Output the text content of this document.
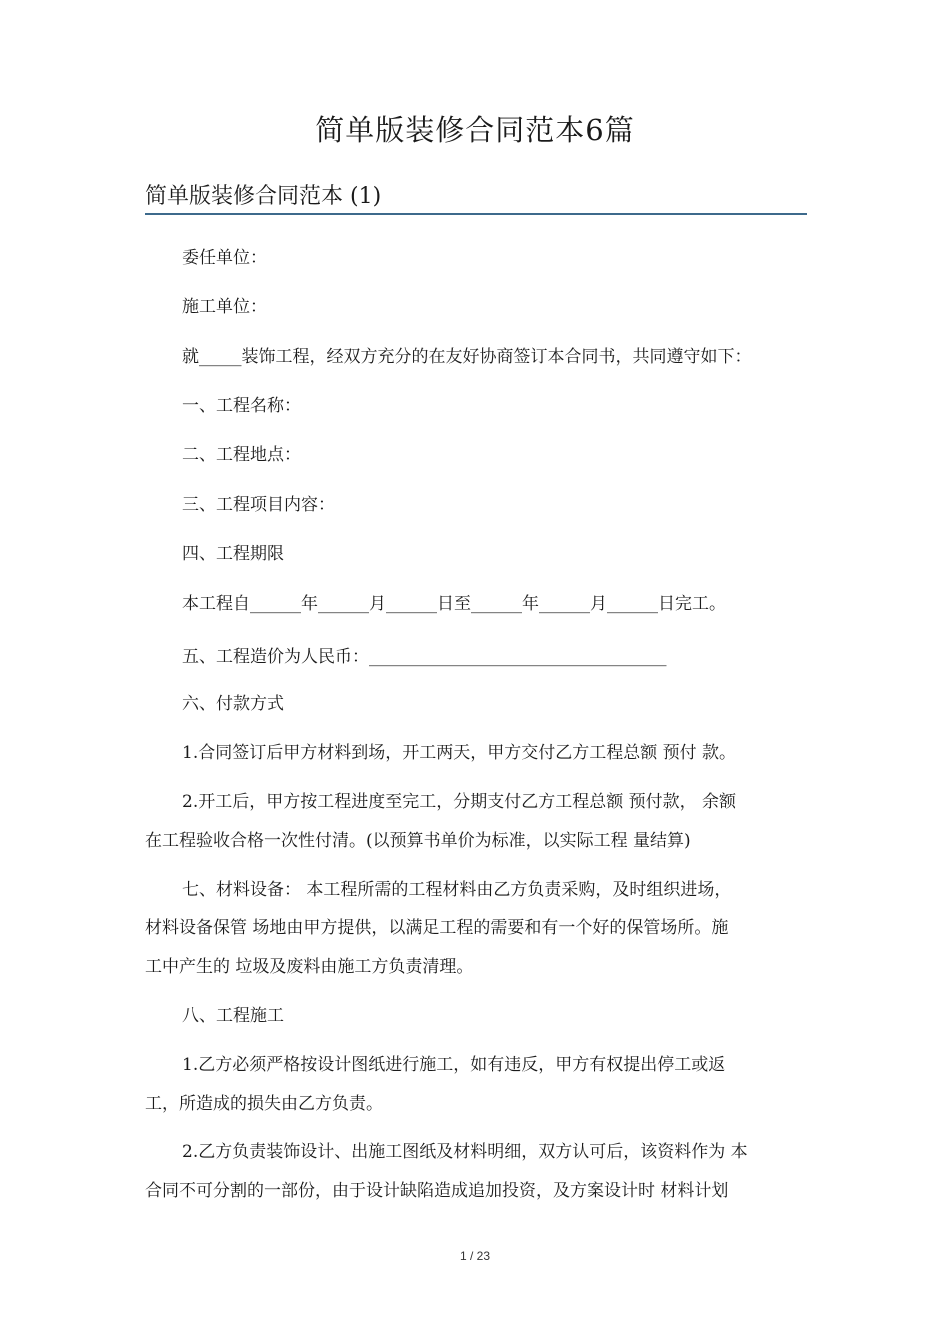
简单版装修合同范本6篇
简单版装修合同范本 (1)
委任单位：
施工单位：
就_____装饰工程，经双方充分的在友好协商签订本合同书，共同遵守如下：
一、工程名称：
二、工程地点：
三、工程项目内容：
四、工程期限
本工程自______年______月______日至______年______月______日完工。
五、工程造价为人民币：___________________________________
六、付款方式
1.合同签订后甲方材料到场，开工两天，甲方交付乙方工程总额 预付 款。
2.开工后，甲方按工程进度至完工，分期支付乙方工程总额 预付款， 余额
在工程验收合格一次性付清。(以预算书单价为标准，以实际工程 量结算)
七、材料设备： 本工程所需的工程材料由乙方负责采购，及时组织进场，
材料设备保管 场地由甲方提供，以满足工程的需要和有一个好的保管场所。施
工中产生的 垃圾及废料由施工方负责清理。
八、工程施工
1.乙方必须严格按设计图纸进行施工，如有违反，甲方有权提出停工或返
工，所造成的损失由乙方负责。
2.乙方负责装饰设计、出施工图纸及材料明细，双方认可后，该资料作为 本
合同不可分割的一部份，由于设计缺陷造成追加投资，及方案设计时 材料计划
1 / 23
